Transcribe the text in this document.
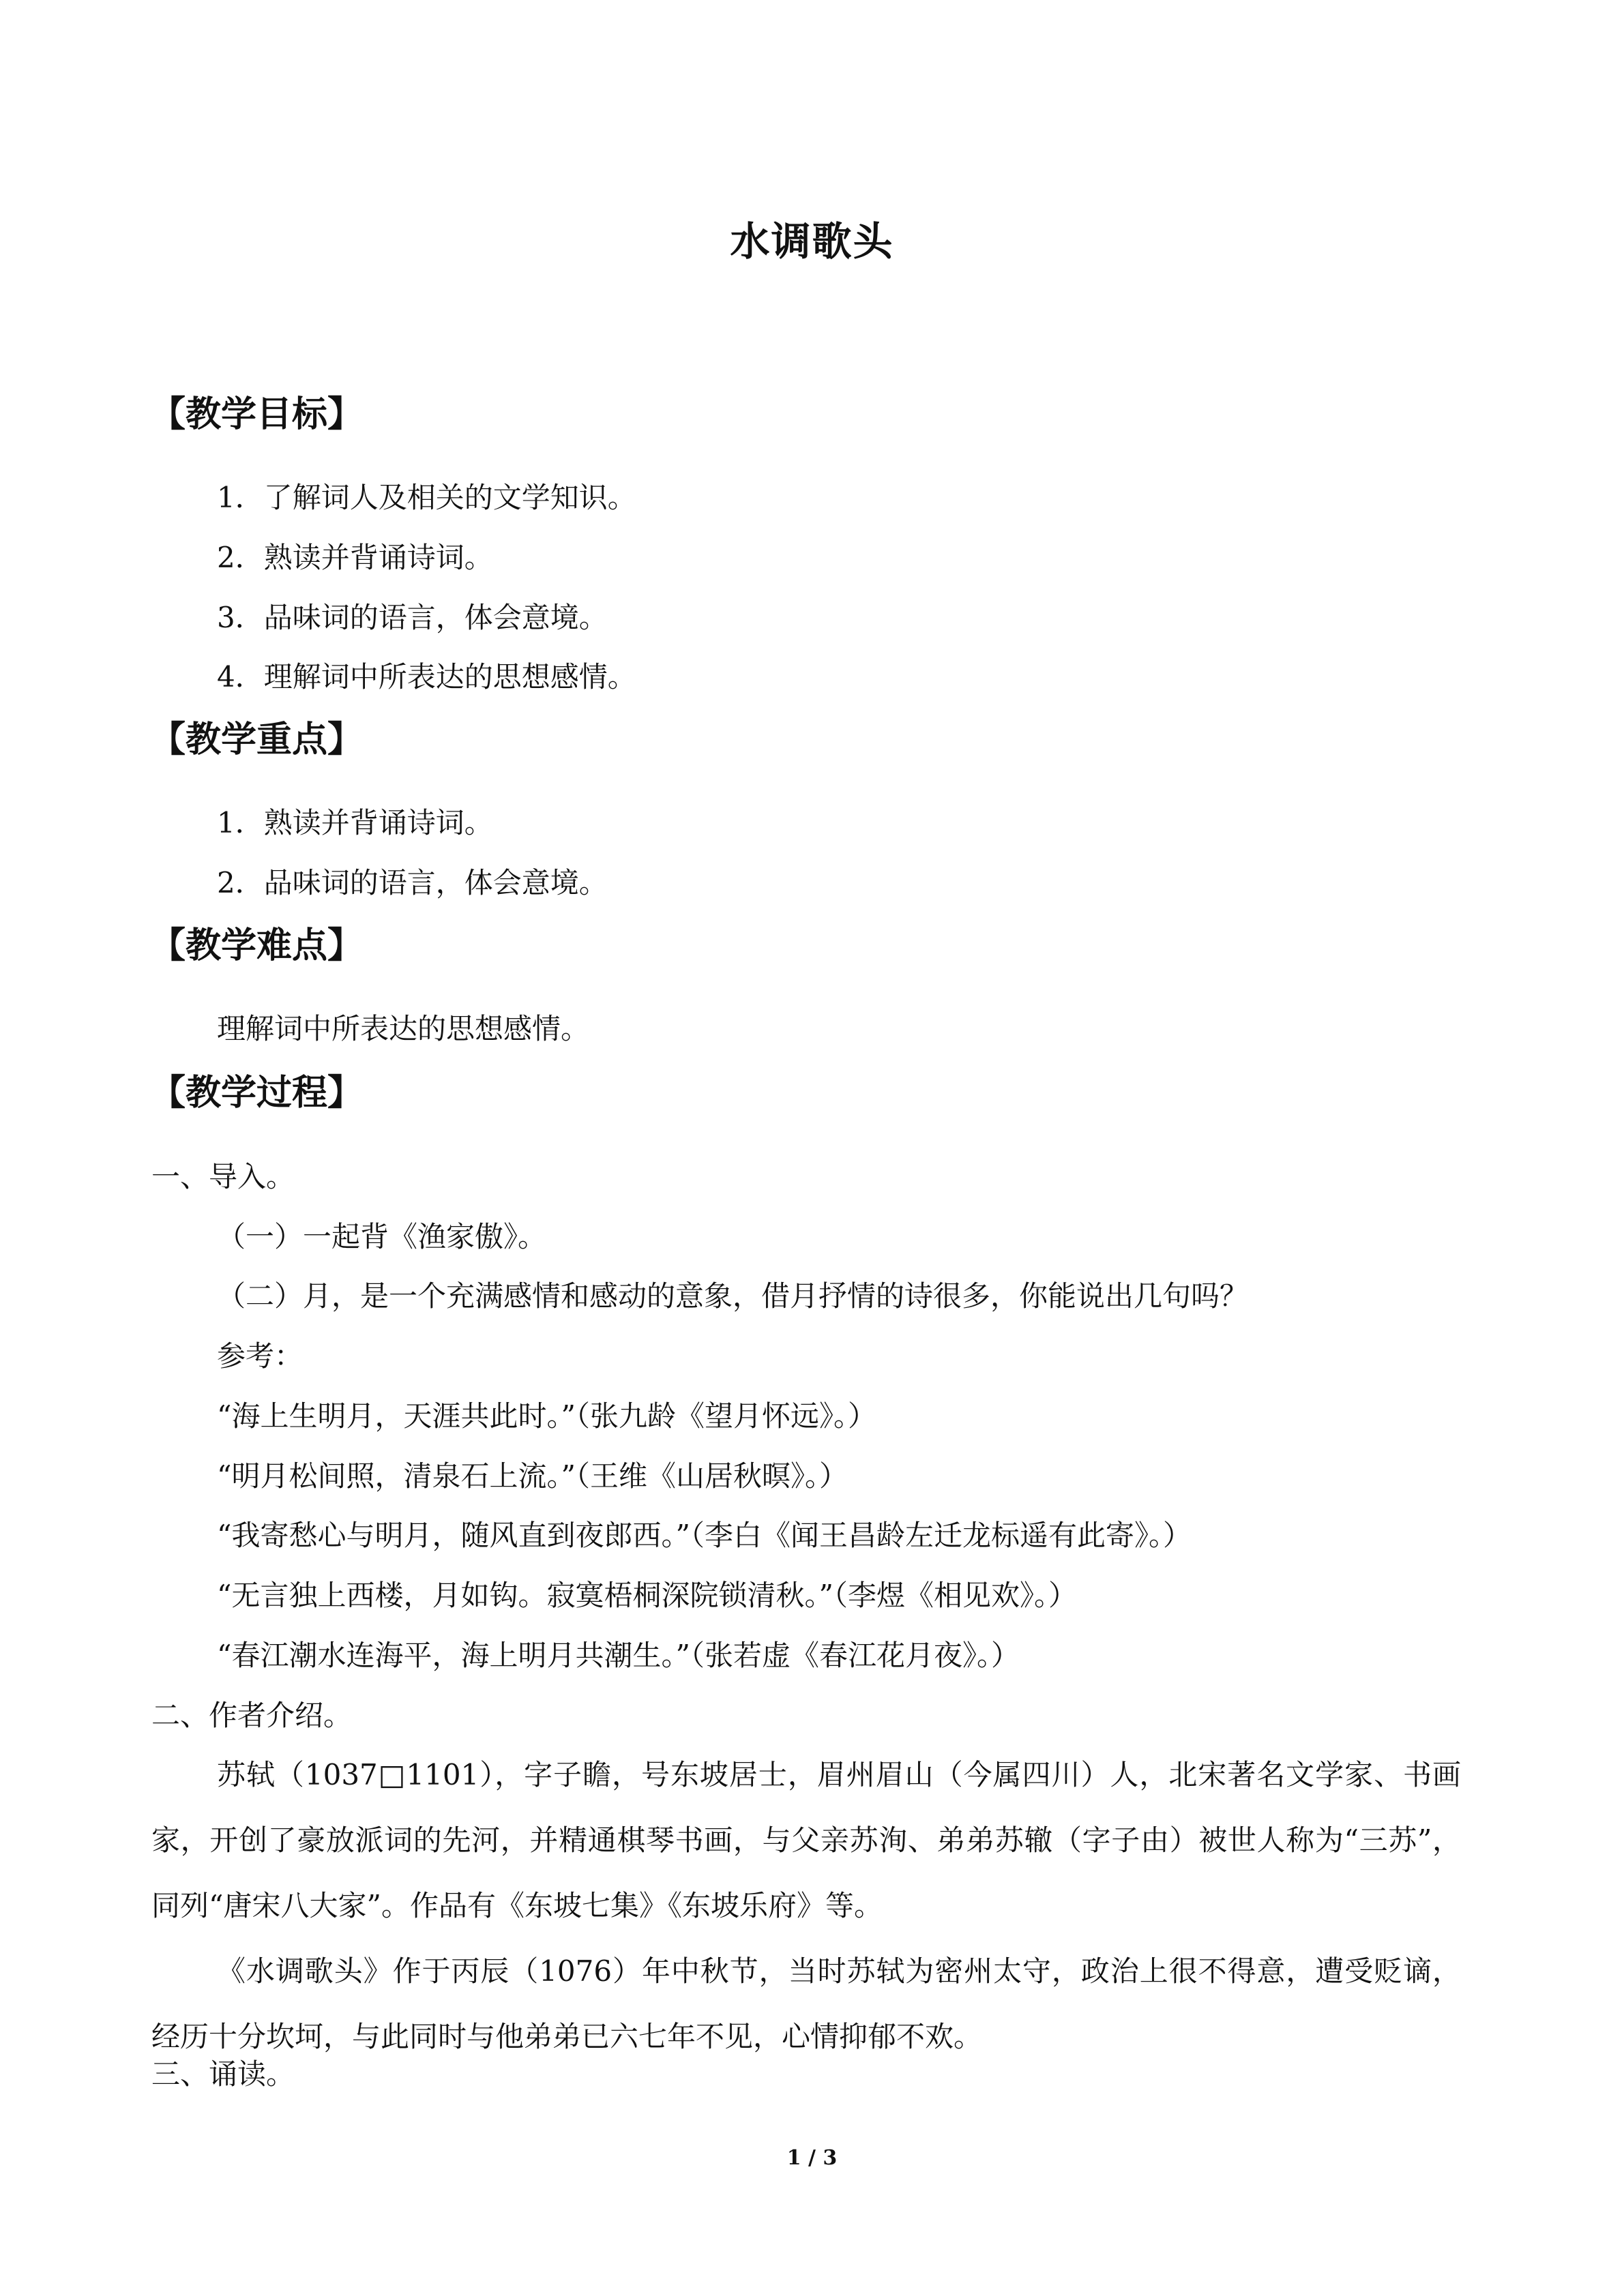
水调歌头
【教学目标】
1．了解词人及相关的文学知识。
2．熟读并背诵诗词。
3．品味词的语言，体会意境。
4．理解词中所表达的思想感情。
【教学重点】
1．熟读并背诵诗词。
2．品味词的语言，体会意境。
【教学难点】
理解词中所表达的思想感情。
【教学过程】
一、导入。
（一）一起背《渔家傲》。
（二）月，是一个充满感情和感动的意象，借月抒情的诗很多，你能说出几句吗？
参考：
“海上生明月，天涯共此时。”（张九龄《望月怀远》。）
“明月松间照，清泉石上流。”（王维《山居秋暝》。）
“我寄愁心与明月，随风直到夜郎西。”（李白《闻王昌龄左迁龙标遥有此寄》。）
“无言独上西楼，月如钩。寂寞梧桐深院锁清秋。”（李煜《相见欢》。）
“春江潮水连海平，海上明月共潮生。”（张若虚《春江花月夜》。）
二、作者介绍。
苏轼（1037□1101），字子瞻，号东坡居士，眉州眉山（今属四川）人，北宋著名文学家、书画家，开创了豪放派词的先河，并精通棋琴书画，与父亲苏洵、弟弟苏辙（字子由）被世人称为“三苏”，同列“唐宋八大家”。作品有《东坡七集》《东坡乐府》等。
《水调歌头》作于丙辰（1076）年中秋节，当时苏轼为密州太守，政治上很不得意，遭受贬谪，经历十分坎坷，与此同时与他弟弟已六七年不见，心情抑郁不欢。
三、诵读。
1 / 3
